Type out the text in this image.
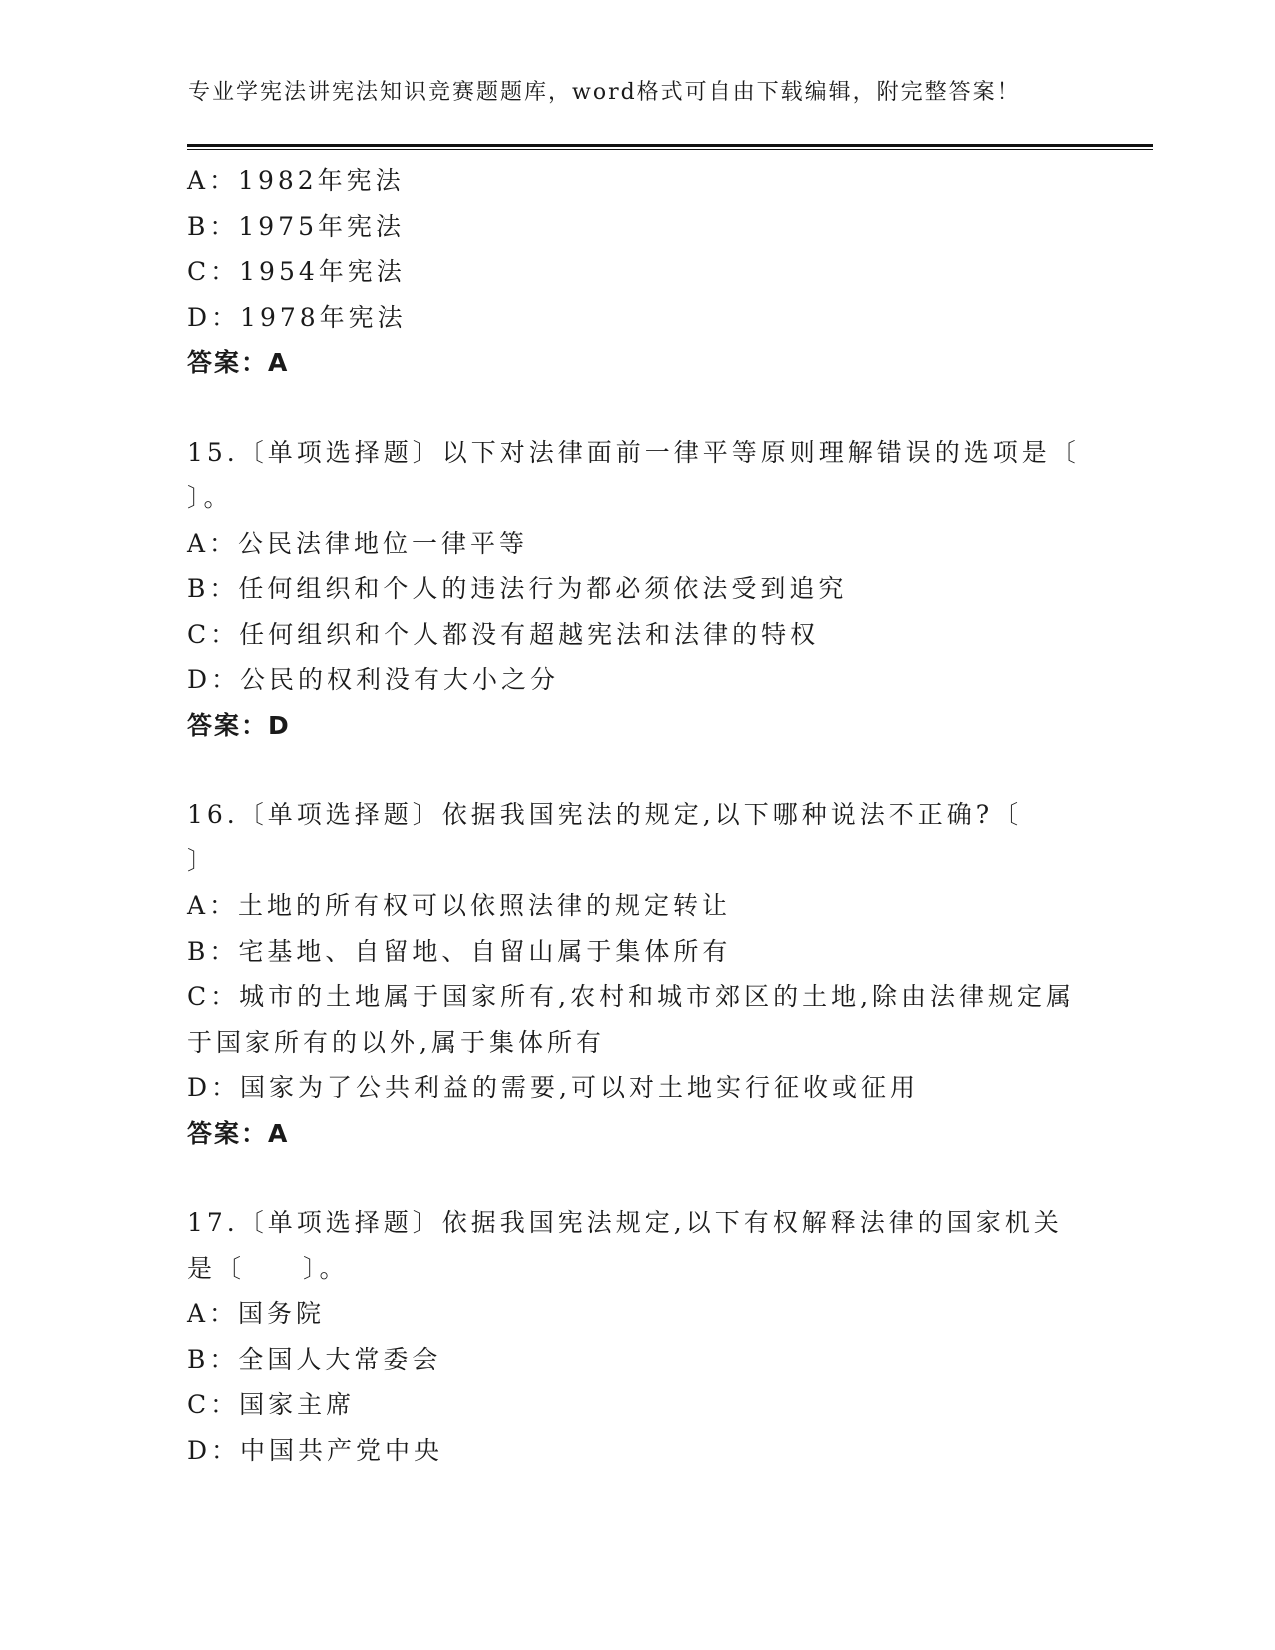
专业学宪法讲宪法知识竞赛题题库，word格式可自由下载编辑，附完整答案！
A：1982年宪法
B：1975年宪法
C：1954年宪法
D：1978年宪法
答案：A
15.〔单项选择题〕以下对法律面前一律平等原则理解错误的选项是〔
〕。
A：公民法律地位一律平等
B：任何组织和个人的违法行为都必须依法受到追究
C：任何组织和个人都没有超越宪法和法律的特权
D：公民的权利没有大小之分
答案：D
16.〔单项选择题〕依据我国宪法的规定,以下哪种说法不正确?〔
〕
A：土地的所有权可以依照法律的规定转让
B：宅基地、自留地、自留山属于集体所有
C：城市的土地属于国家所有,农村和城市郊区的土地,除由法律规定属
于国家所有的以外,属于集体所有
D：国家为了公共利益的需要,可以对土地实行征收或征用
答案：A
17.〔单项选择题〕依据我国宪法规定,以下有权解释法律的国家机关
是〔　　〕。
A：国务院
B：全国人大常委会
C：国家主席
D：中国共产党中央
